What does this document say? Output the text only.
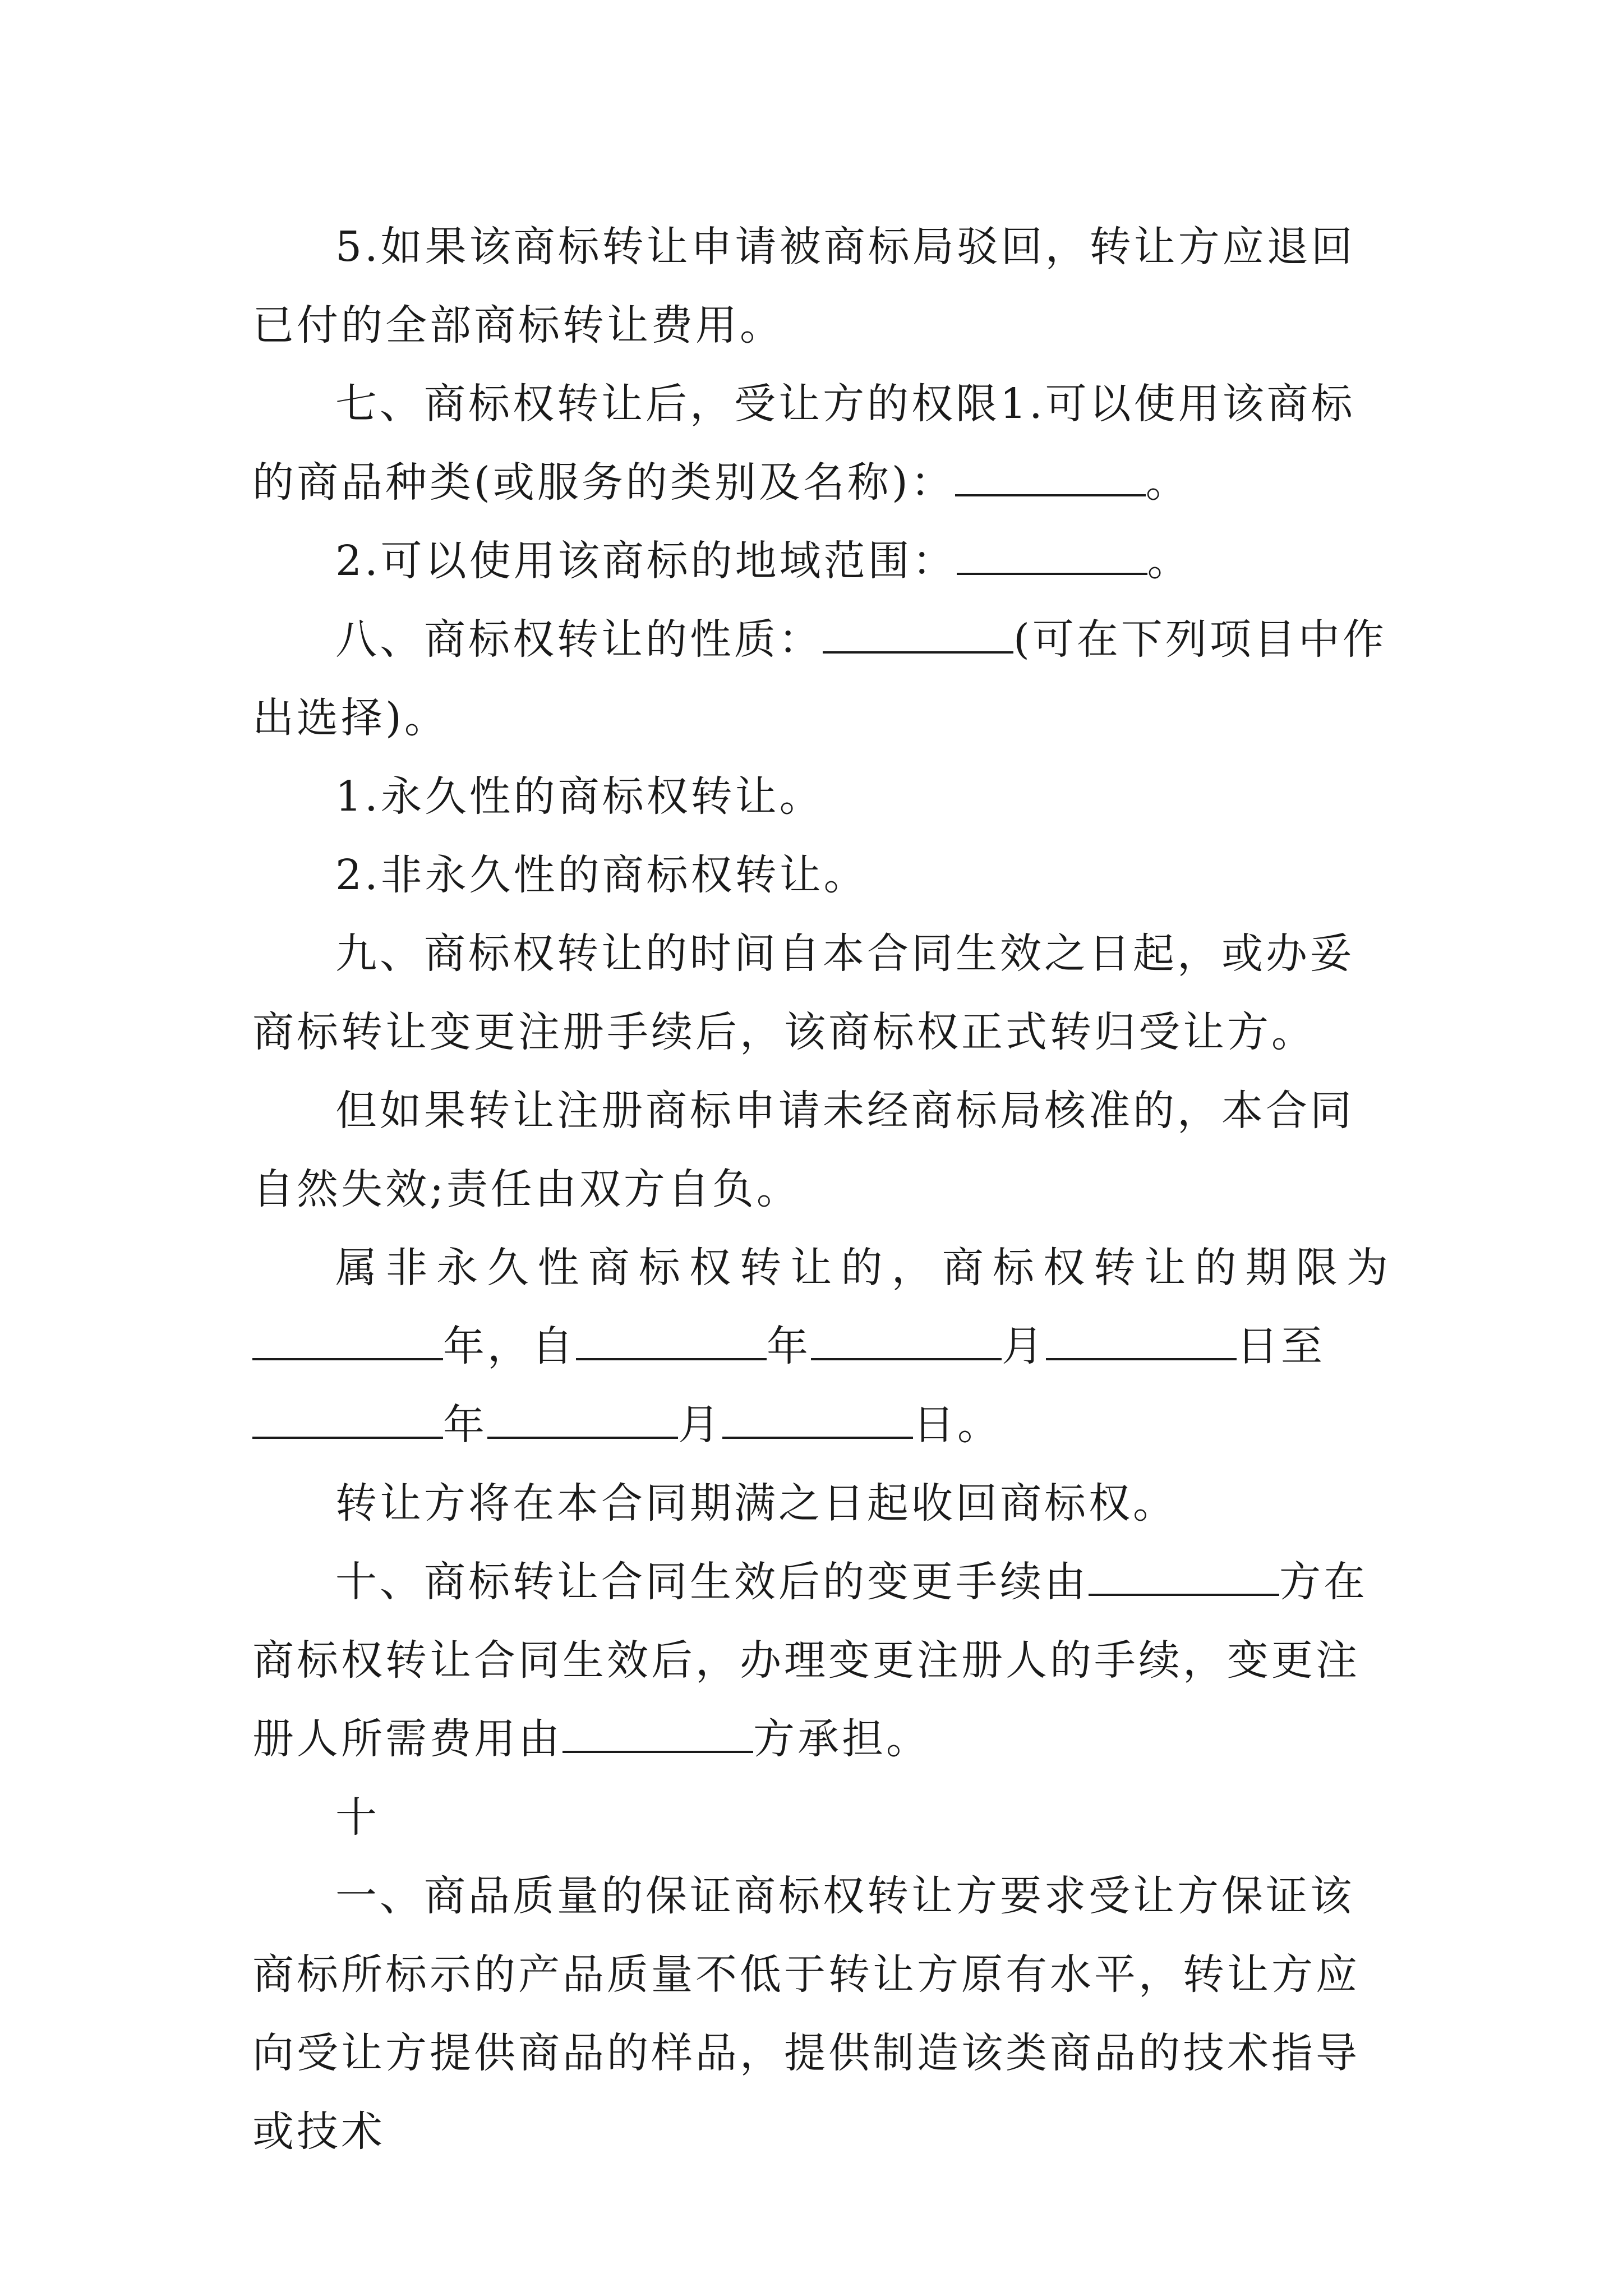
5.如果该商标转让申请被商标局驳回，转让方应退回已付的全部商标转让费用。

七、商标权转让后，受让方的权限1.可以使用该商标的商品种类(或服务的类别及名称)：	。

2.可以使用该商标的地域范围：	。

八、商标权转让的性质：	(可在下列项目中作出选择)。

1.永久性的商标权转让。

2.非永久性的商标权转让。

九、商标权转让的时间自本合同生效之日起，或办妥商标转让变更注册手续后，该商标权正式转归受让方。

但如果转让注册商标申请未经商标局核准的，本合同自然失效;责任由双方自负。

属非永久性商标权转让的，商标权转让的期限为

年，自	年	月	日至

年	月	日。

转让方将在本合同期满之日起收回商标权。

十、商标转让合同生效后的变更手续由	方在商标权转让合同生效后，办理变更注册人的手续，变更注册人所需费用由	方承担。

十

一、商品质量的保证商标权转让方要求受让方保证该商标所标示的产品质量不低于转让方原有水平，转让方应向受让方提供商品的样品，提供制造该类商品的技术指导或技术
